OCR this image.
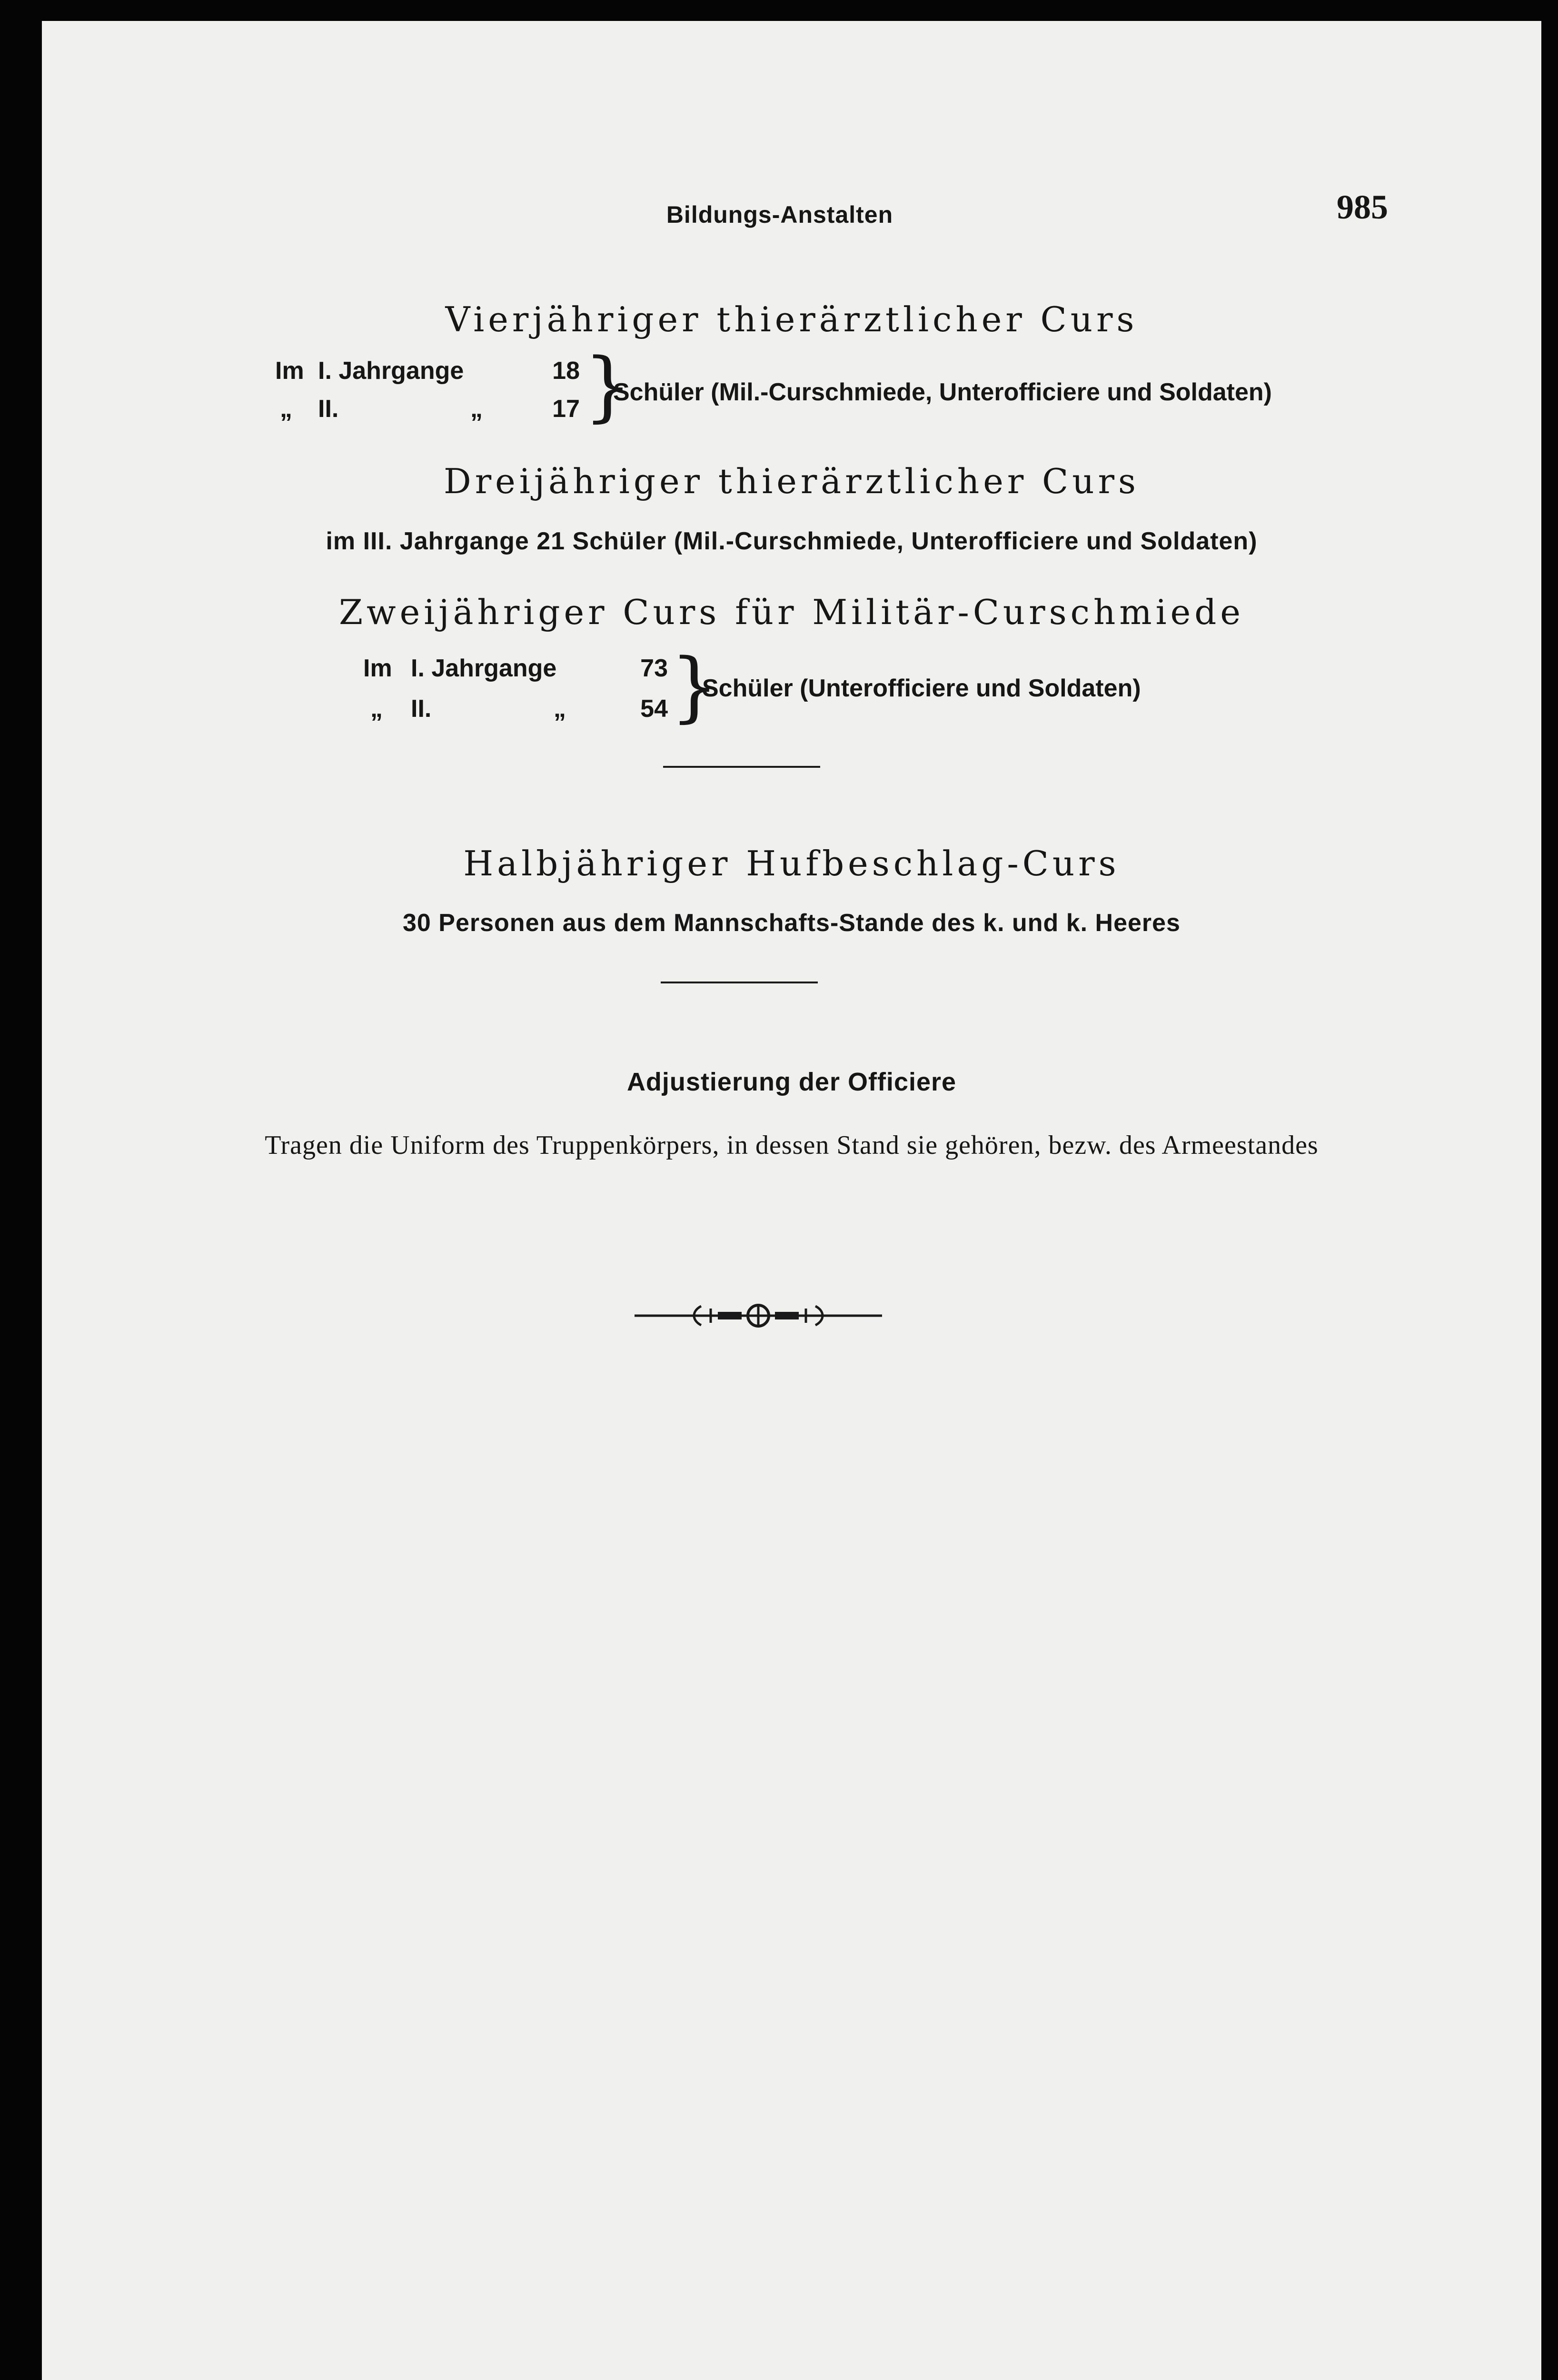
Bildungs-Anstalten	985
Vierjähriger thierärztlicher Curs
Im I. Jahrgange	18
„ II.	„	17 }
Schüler (Mil.-Curschmiede, Unterofficiere und Soldaten)
Dreijähriger thierärztlicher Curs
im III. Jahrgange 21 Schüler (Mil.-Curschmiede, Unterofficiere und Soldaten)
Zweijähriger Curs für Militär-Curschmiede
Im I. Jahrgange	73
„ II.	„	54 }
Schüler (Unterofficiere und Soldaten)
Halbjähriger Hufbeschlag-Curs
30 Personen aus dem Mannschafts-Stande des k. und k. Heeres
Adjustierung der Officiere
Tragen die Uniform des Truppenkörpers, in dessen Stand sie gehören, bezw. des Armeestandes
